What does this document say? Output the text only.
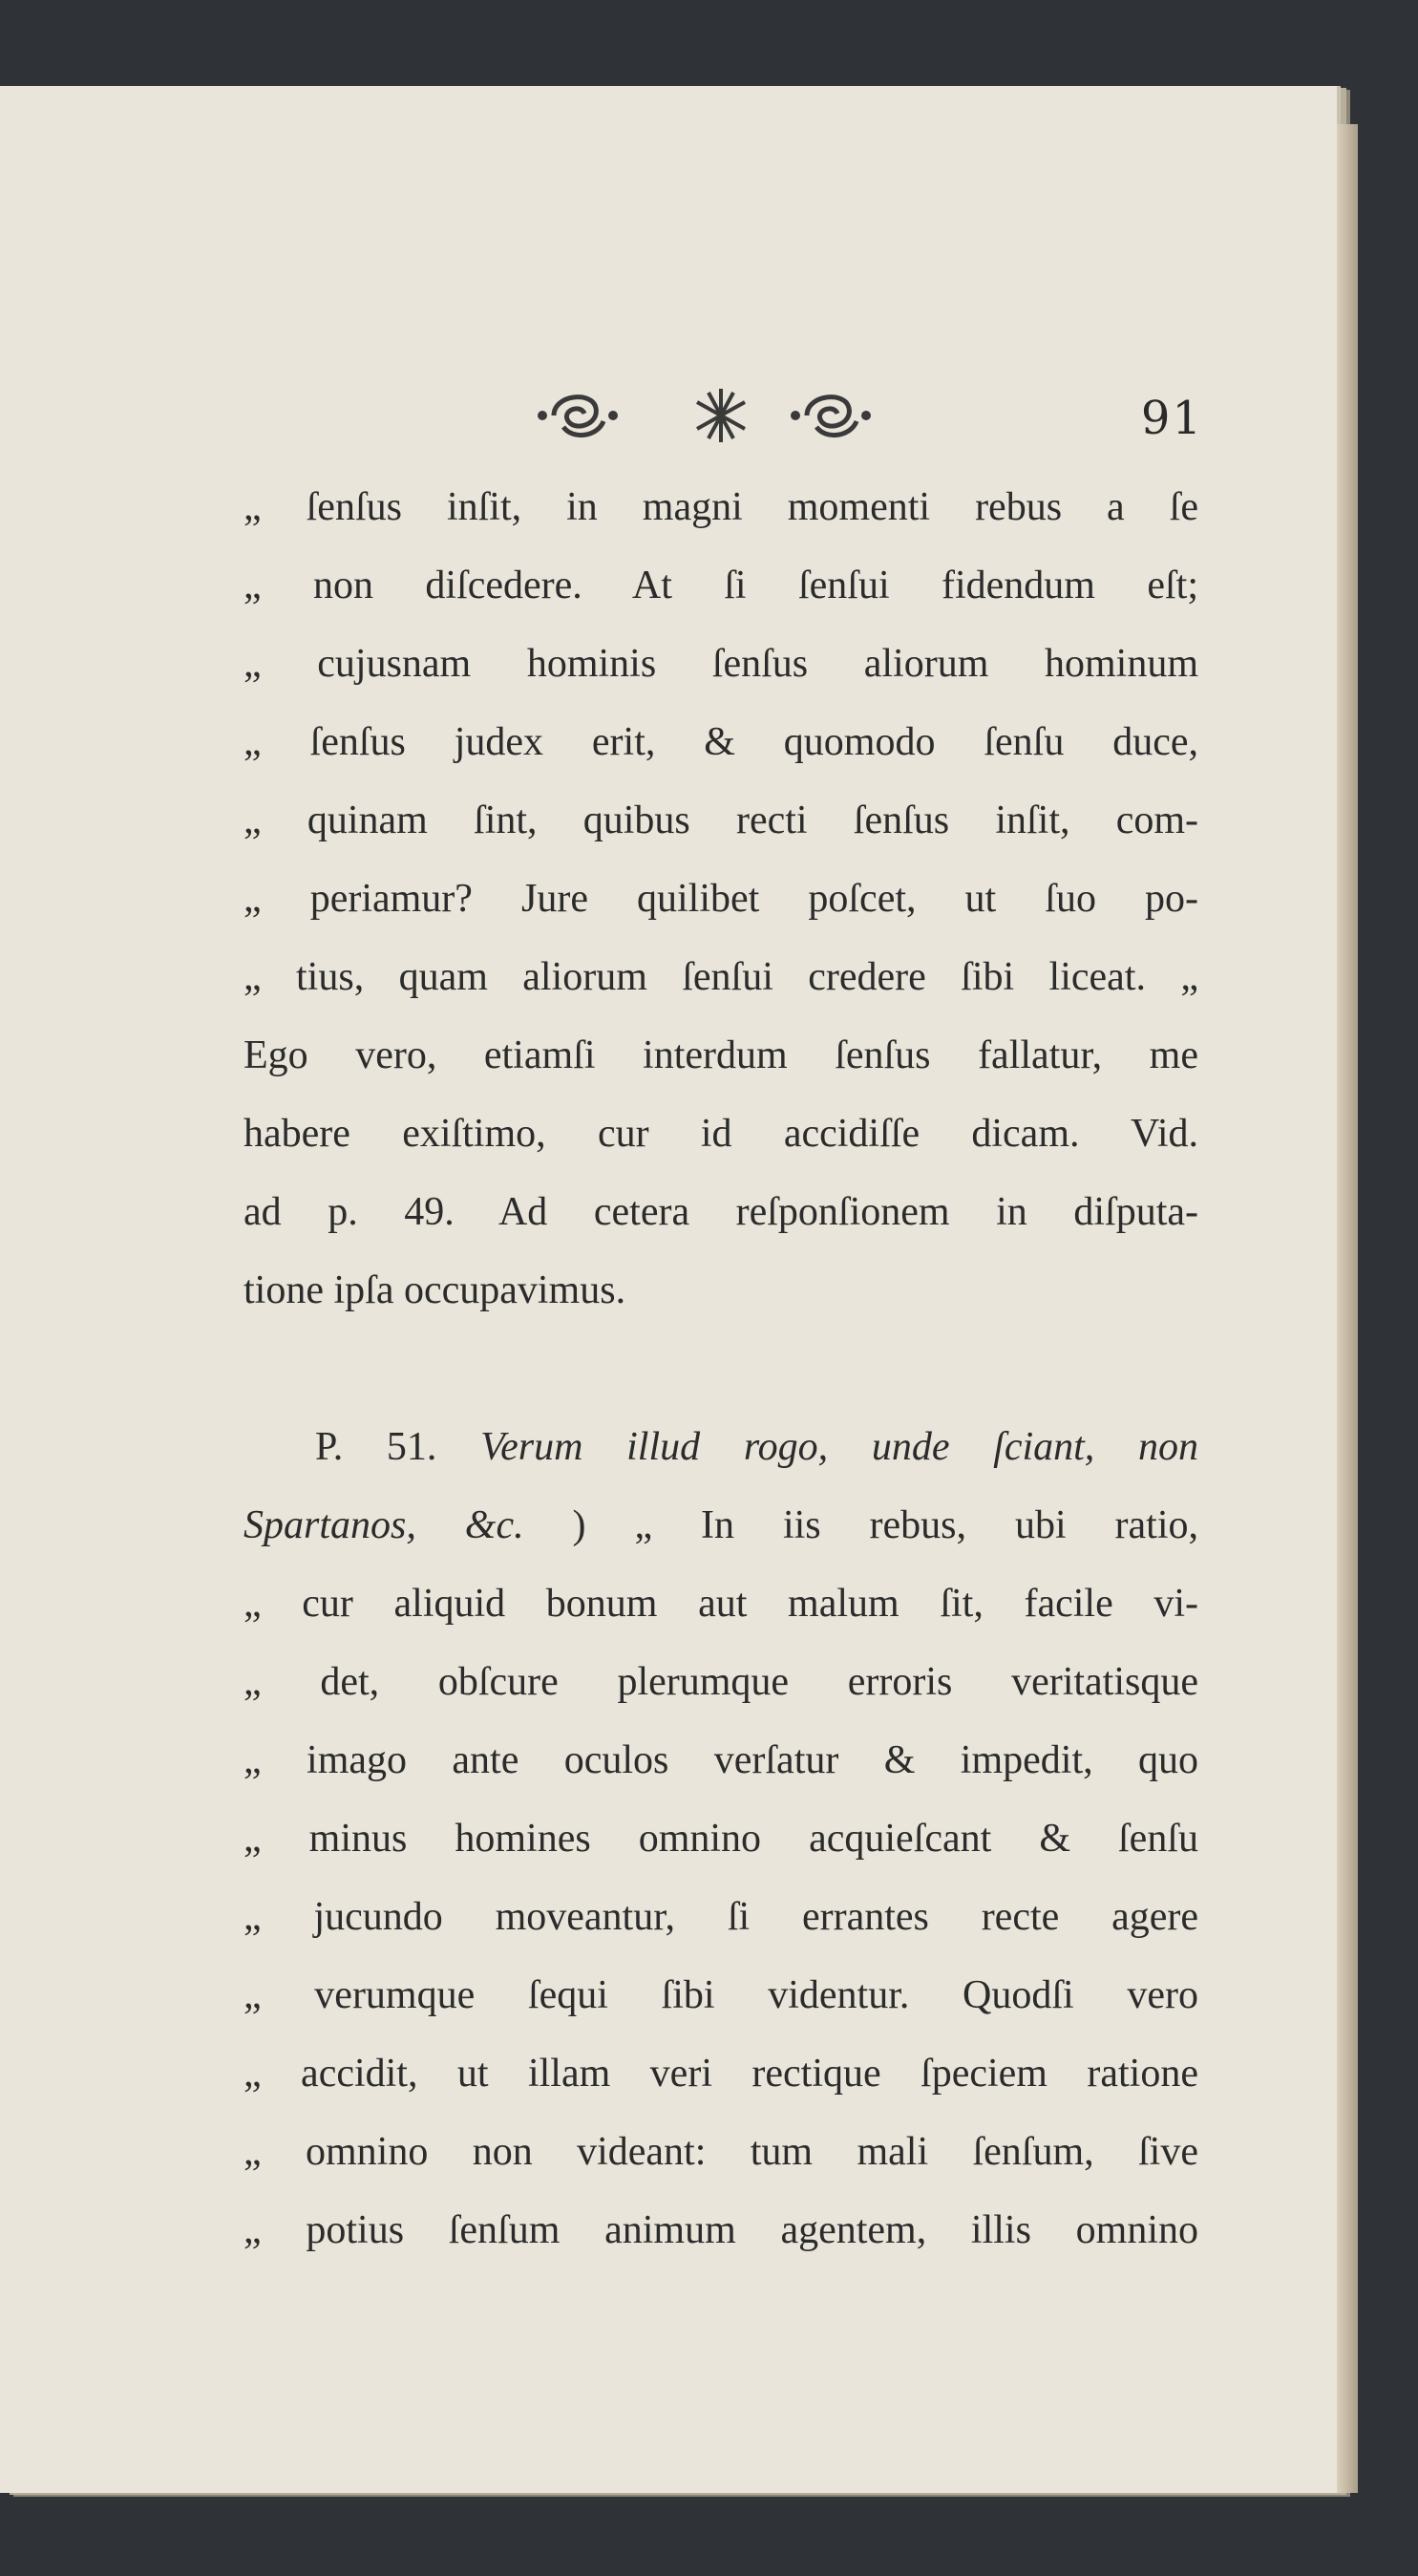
91
„ ſenſus inſit, in magni momenti rebus a ſe
„ non diſcedere. At ſi ſenſui fidendum eſt;
„ cujusnam hominis ſenſus aliorum hominum
„ ſenſus judex erit, & quomodo ſenſu duce,
„ quinam ſint, quibus recti ſenſus inſit, com-
„ periamur? Jure quilibet poſcet, ut ſuo po-
„ tius, quam aliorum ſenſui credere ſibi liceat. „
Ego vero, etiamſi interdum ſenſus fallatur, me
habere exiſtimo, cur id accidiſſe dicam. Vid.
ad p. 49. Ad cetera reſponſionem in diſputa-
tione ipſa occupavimus.
P. 51. Verum illud rogo, unde ſciant, non
Spartanos, &c. ) „ In iis rebus, ubi ratio,
„ cur aliquid bonum aut malum ſit, facile vi-
„ det, obſcure plerumque erroris veritatisque
„ imago ante oculos verſatur & impedit, quo
„ minus homines omnino acquieſcant & ſenſu
„ jucundo moveantur, ſi errantes recte agere
„ verumque ſequi ſibi videntur. Quodſi vero
„ accidit, ut illam veri rectique ſpeciem ratione
„ omnino non videant: tum mali ſenſum, ſive
„ potius ſenſum animum agentem, illis omnino
